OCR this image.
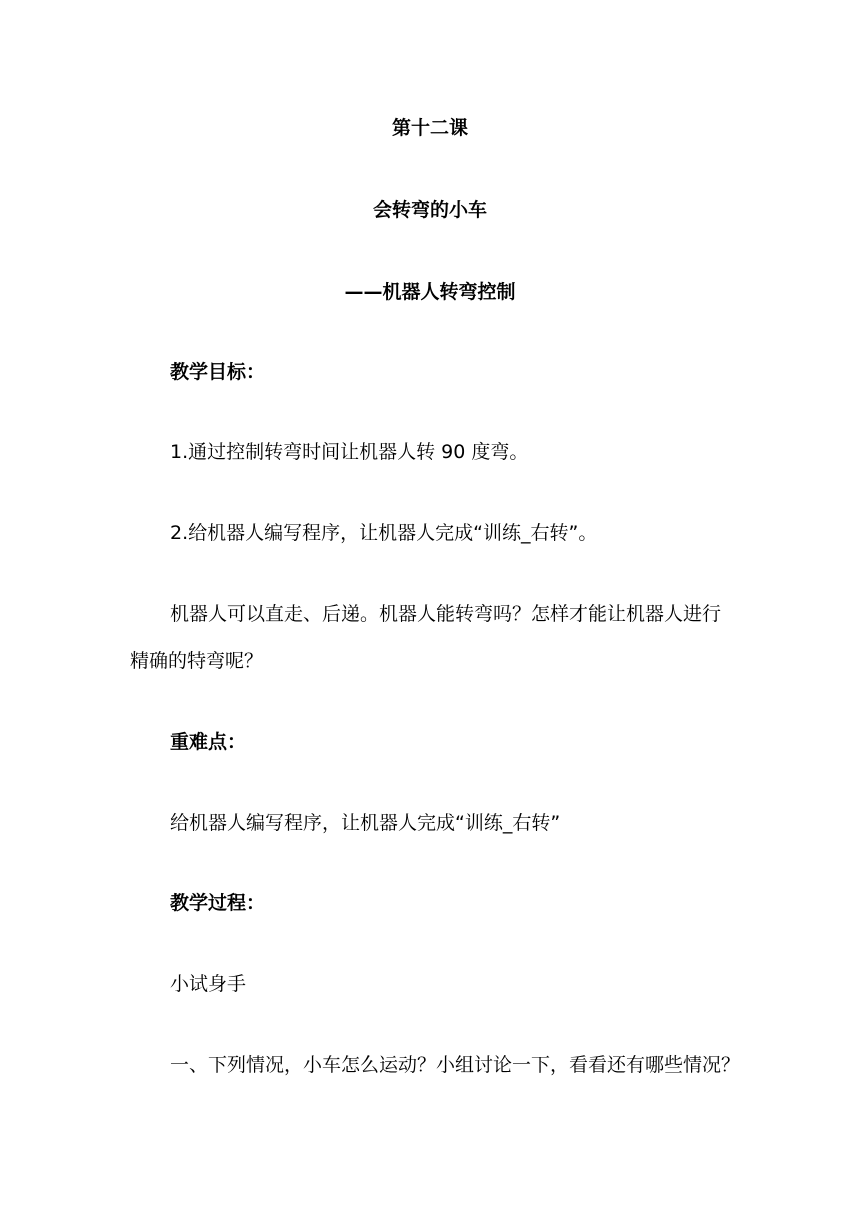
第十二课
会转弯的小车
——机器人转弯控制
教学目标：
1.通过控制转弯时间让机器人转 90 度弯。
2.给机器人编写程序，让机器人完成“训练_右转”。
机器人可以直走、后递。机器人能转弯吗？怎样才能让机器人进行
精确的特弯呢？
重难点：
给机器人编写程序，让机器人完成“训练_右转”
教学过程：
小试身手
一、下列情况，小车怎么运动？小组讨论一下，看看还有哪些情况？
